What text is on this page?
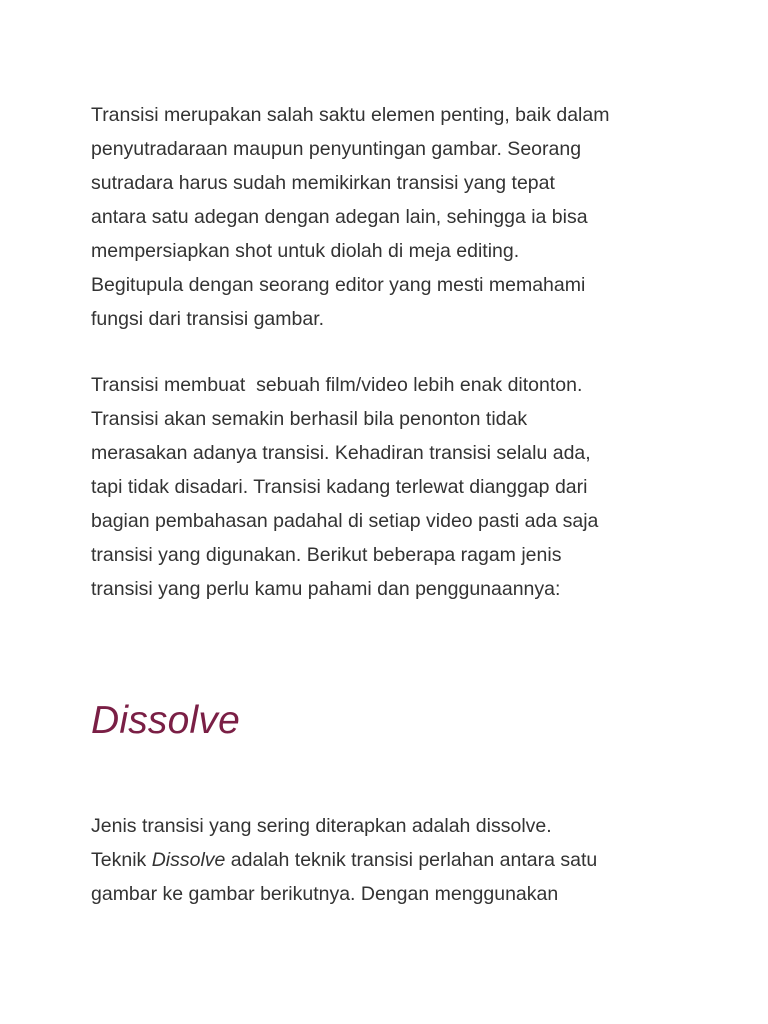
Transisi merupakan salah saktu elemen penting, baik dalam
penyutradaraan maupun penyuntingan gambar. Seorang
sutradara harus sudah memikirkan transisi yang tepat
antara satu adegan dengan adegan lain, sehingga ia bisa
mempersiapkan shot untuk diolah di meja editing.
Begitupula dengan seorang editor yang mesti memahami
fungsi dari transisi gambar.

Transisi membuat  sebuah film/video lebih enak ditonton.
Transisi akan semakin berhasil bila penonton tidak
merasakan adanya transisi. Kehadiran transisi selalu ada,
tapi tidak disadari. Transisi kadang terlewat dianggap dari
bagian pembahasan padahal di setiap video pasti ada saja
transisi yang digunakan. Berikut beberapa ragam jenis
transisi yang perlu kamu pahami dan penggunaannya:

Dissolve

Jenis transisi yang sering diterapkan adalah dissolve.
Teknik Dissolve adalah teknik transisi perlahan antara satu
gambar ke gambar berikutnya. Dengan menggunakan
